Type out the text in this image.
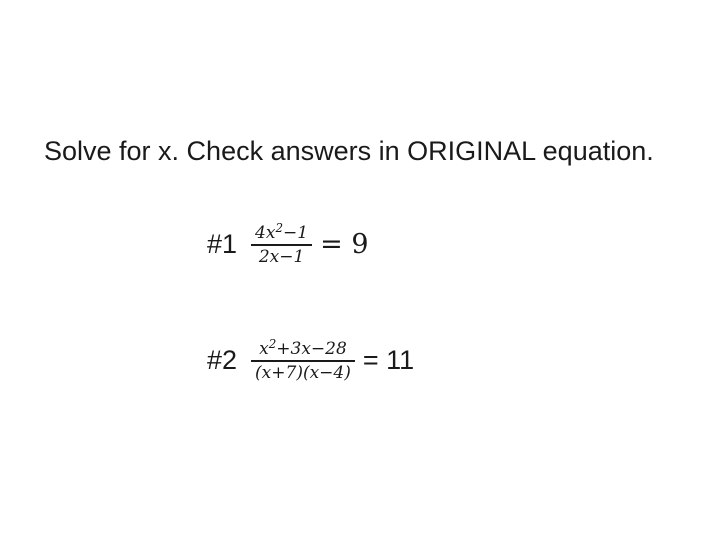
Solve for x. Check answers in ORIGINAL equation.
#1 $\frac{4x^2-1}{2x-1} = 9$
#2 $\frac{x^2+3x-28}{(x+7)(x-4)} = 11$
